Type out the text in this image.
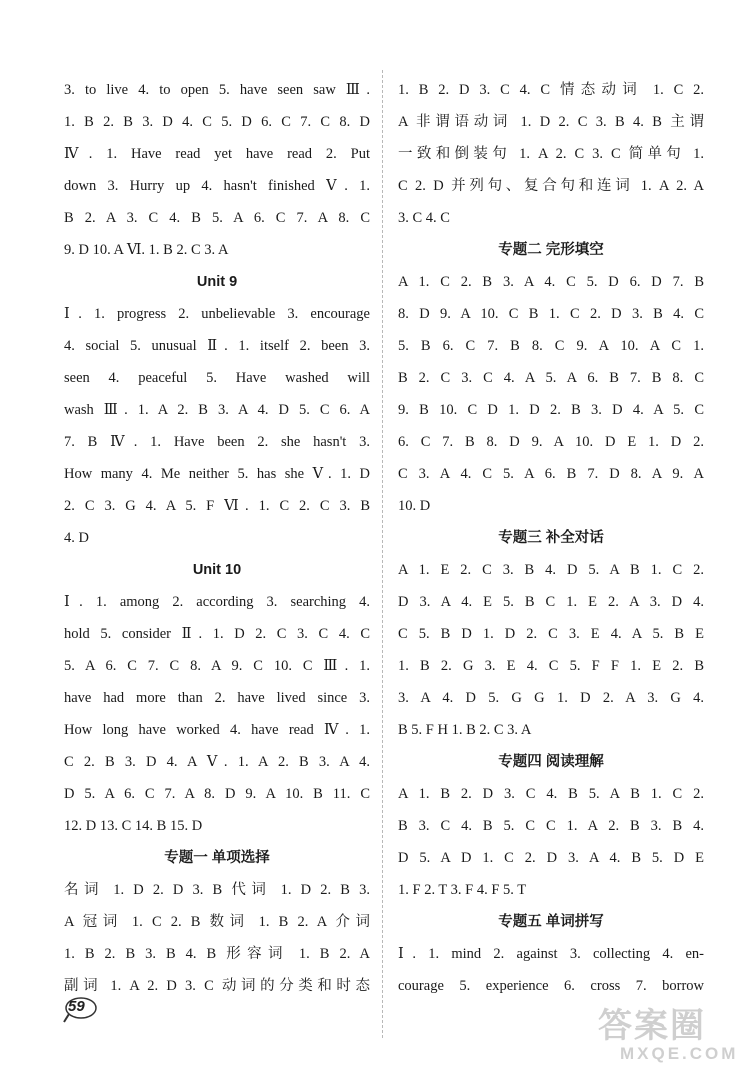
3. to live 4. to open 5. have seen saw Ⅲ.
1. B 2. B 3. D 4. C 5. D 6. C 7. C 8. D
Ⅳ. 1. Have read yet have read 2. Put
down 3. Hurry up 4. hasn't finished Ⅴ. 1.
B 2. A 3. C 4. B 5. A 6. C 7. A 8. C
9. D 10. A Ⅵ. 1. B 2. C 3. A
Unit 9
Ⅰ. 1. progress 2. unbelievable 3. encourage
4. social 5. unusual Ⅱ. 1. itself 2. been 3.
seen 4. peaceful 5. Have washed will
wash Ⅲ. 1. A 2. B 3. A 4. D 5. C 6. A
7. B Ⅳ. 1. Have been 2. she hasn't 3.
How many 4. Me neither 5. has she Ⅴ. 1. D
2. C 3. G 4. A 5. F Ⅵ. 1. C 2. C 3. B
4. D
Unit 10
Ⅰ. 1. among 2. according 3. searching 4.
hold 5. consider Ⅱ. 1. D 2. C 3. C 4. C
5. A 6. C 7. C 8. A 9. C 10. C Ⅲ. 1.
have had more than 2. have lived since 3.
How long have worked 4. have read Ⅳ. 1.
C 2. B 3. D 4. A Ⅴ. 1. A 2. B 3. A 4.
D 5. A 6. C 7. A 8. D 9. A 10. B 11. C
12. D 13. C 14. B 15. D
专题一 单项选择
名词 1. D 2. D 3. B 代词 1. D 2. B 3.
A 冠词 1. C 2. B 数词 1. B 2. A 介词
1. B 2. B 3. B 4. B 形容词 1. B 2. A
副词 1. A 2. D 3. C 动词的分类和时态
1. B 2. D 3. C 4. C 情态动词 1. C 2.
A 非谓语动词 1. D 2. C 3. B 4. B 主谓
一致和倒装句 1. A 2. C 3. C 简单句 1.
C 2. D 并列句、复合句和连词 1. A 2. A
3. C 4. C
专题二 完形填空
A 1. C 2. B 3. A 4. C 5. D 6. D 7. B
8. D 9. A 10. C B 1. C 2. D 3. B 4. C
5. B 6. C 7. B 8. C 9. A 10. A C 1.
B 2. C 3. C 4. A 5. A 6. B 7. B 8. C
9. B 10. C D 1. D 2. B 3. D 4. A 5. C
6. C 7. B 8. D 9. A 10. D E 1. D 2.
C 3. A 4. C 5. A 6. B 7. D 8. A 9. A
10. D
专题三 补全对话
A 1. E 2. C 3. B 4. D 5. A B 1. C 2.
D 3. A 4. E 5. B C 1. E 2. A 3. D 4.
C 5. B D 1. D 2. C 3. E 4. A 5. B E
1. B 2. G 3. E 4. C 5. F F 1. E 2. B
3. A 4. D 5. G G 1. D 2. A 3. G 4.
B 5. F H 1. B 2. C 3. A
专题四 阅读理解
A 1. B 2. D 3. C 4. B 5. A B 1. C 2.
B 3. C 4. B 5. C C 1. A 2. B 3. B 4.
D 5. A D 1. C 2. D 3. A 4. B 5. D E
1. F 2. T 3. F 4. F 5. T
专题五 单词拼写
Ⅰ. 1. mind 2. against 3. collecting 4. en-
courage 5. experience 6. cross 7. borrow
59
答案圈
MXQE.COM
